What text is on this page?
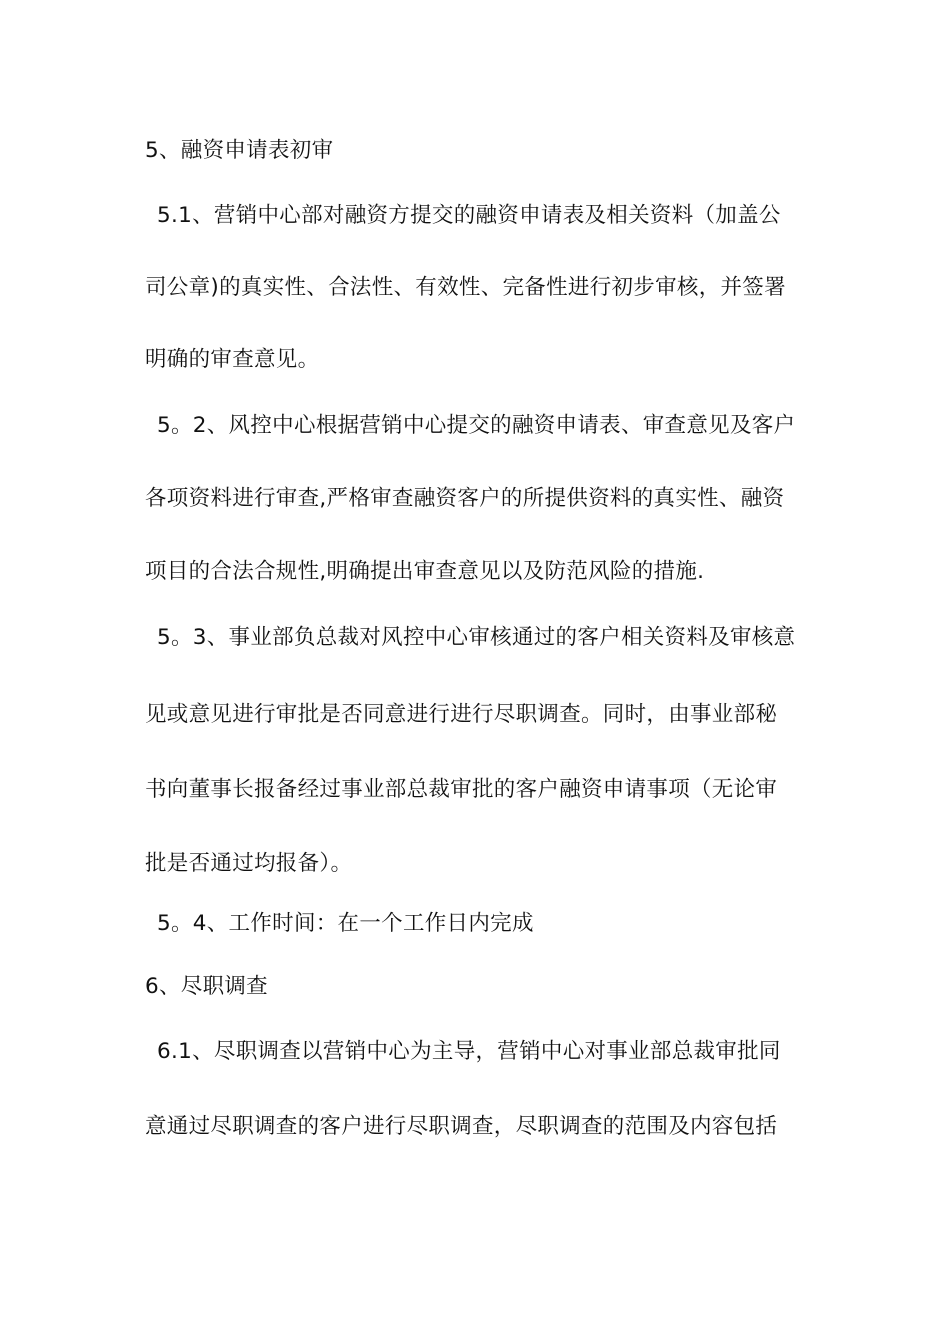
5、融资申请表初审
5.1、营销中心部对融资方提交的融资申请表及相关资料（加盖公
司公章)的真实性、合法性、有效性、完备性进行初步审核，并签署
明确的审查意见。
5。2、风控中心根据营销中心提交的融资申请表、审查意见及客户
各项资料进行审查,严格审查融资客户的所提供资料的真实性、融资
项目的合法合规性,明确提出审查意见以及防范风险的措施.
5。3、事业部负总裁对风控中心审核通过的客户相关资料及审核意
见或意见进行审批是否同意进行进行尽职调查。同时，由事业部秘
书向董事长报备经过事业部总裁审批的客户融资申请事项（无论审
批是否通过均报备）。
5。4、工作时间：在一个工作日内完成
6、尽职调查
6.1、尽职调查以营销中心为主导，营销中心对事业部总裁审批同
意通过尽职调查的客户进行尽职调查，尽职调查的范围及内容包括
